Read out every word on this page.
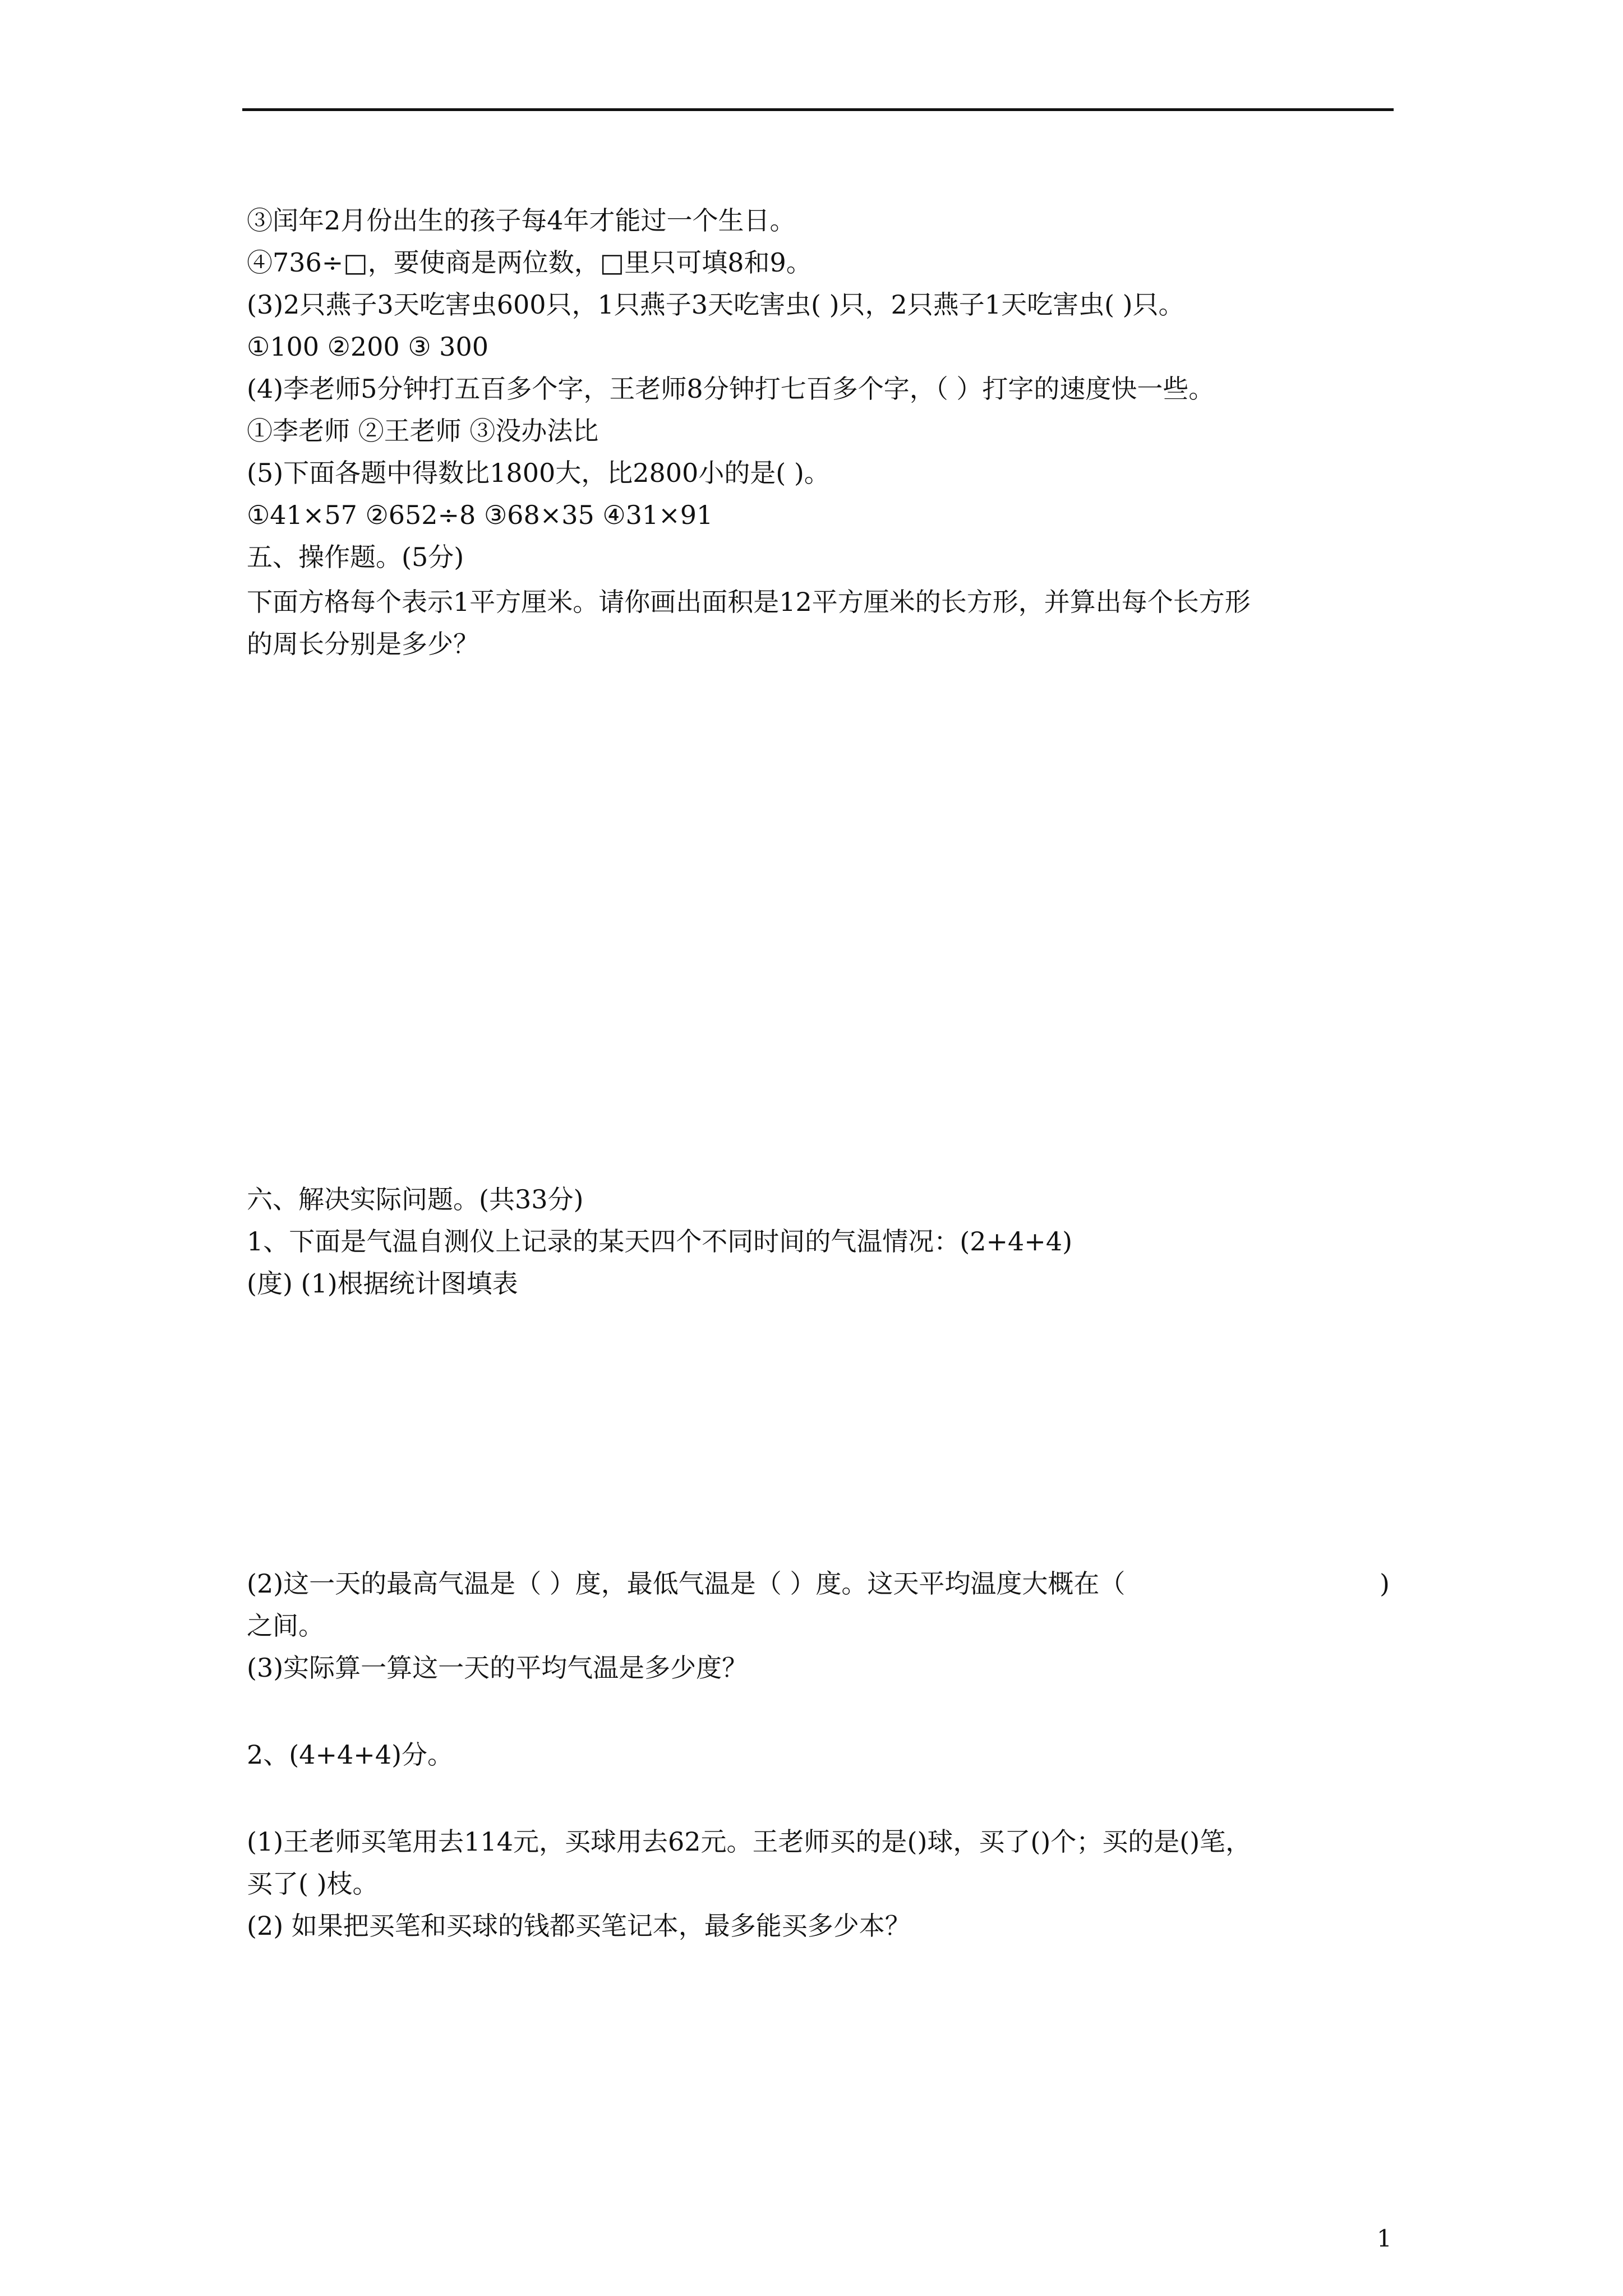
③闰年2月份出生的孩子每4年才能过一个生日。
④736÷□，要使商是两位数，□里只可填8和9。
(3)2只燕子3天吃害虫600只，1只燕子3天吃害虫( )只，2只燕子1天吃害虫( )只。
①100 ②200 ③ 300
(4)李老师5分钟打五百多个字，王老师8分钟打七百多个字，（ ）打字的速度快一些。
①李老师 ②王老师 ③没办法比
(5)下面各题中得数比1800大，比2800小的是( )。
①41×57 ②652÷8 ③68×35 ④31×91
五、操作题。(5分)
下面方格每个表示1平方厘米。请你画出面积是12平方厘米的长方形，并算出每个长方形
的周长分别是多少？
六、解决实际问题。(共33分)
1、下面是气温自测仪上记录的某天四个不同时间的气温情况：(2+4+4)
(度) (1)根据统计图填表
(2)这一天的最高气温是（ ）度，最低气温是（ ）度。这天平均温度大概在（	)
之间。
(3)实际算一算这一天的平均气温是多少度？
2、(4+4+4)分。
(1)王老师买笔用去114元，买球用去62元。王老师买的是()球，买了()个；买的是()笔，
买了( )枝。
(2) 如果把买笔和买球的钱都买笔记本，最多能买多少本？
1
